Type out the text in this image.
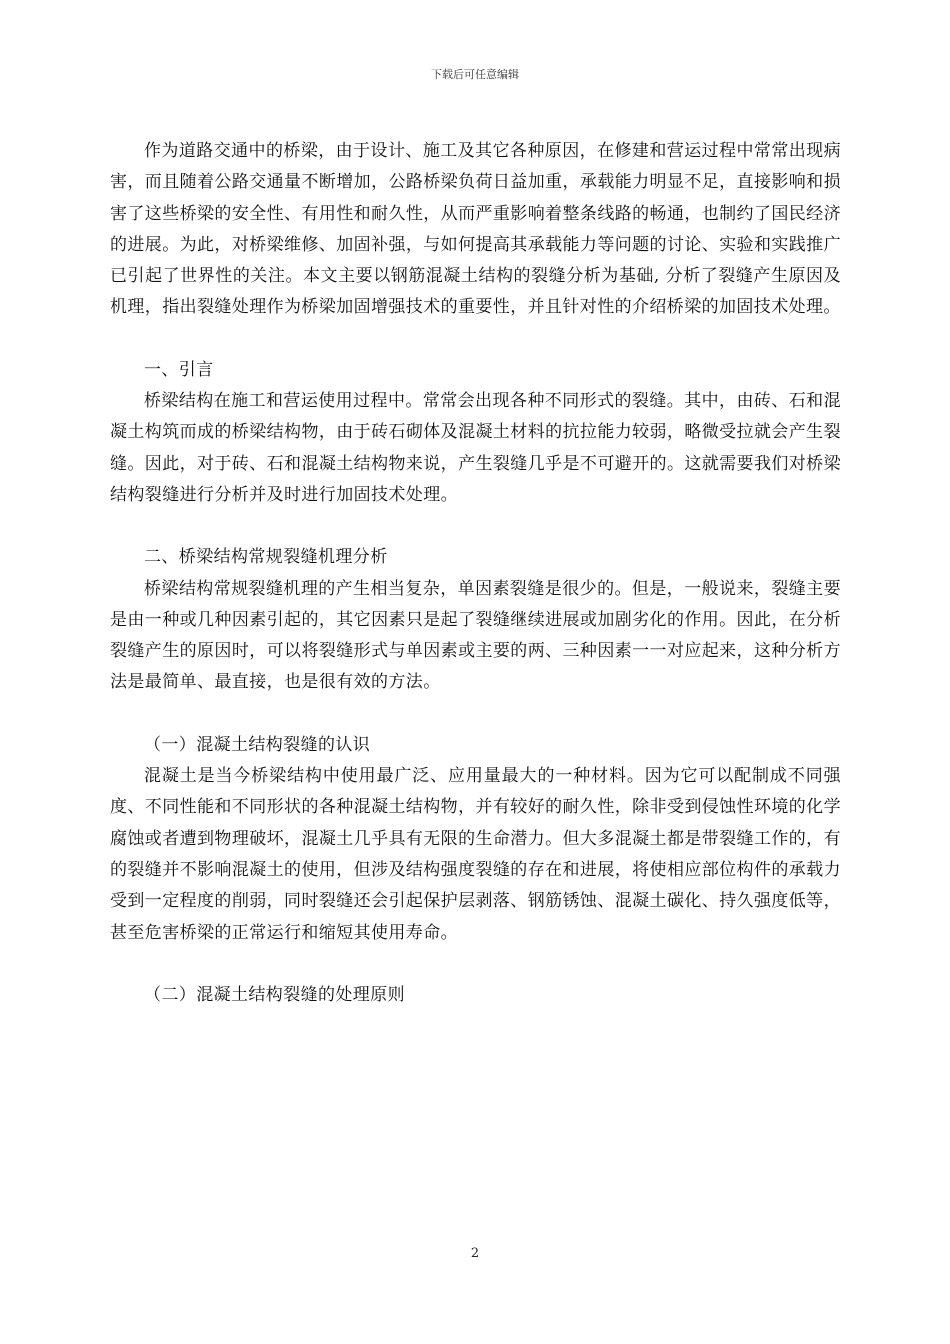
下载后可任意编辑

作为道路交通中的桥梁，由于设计、施工及其它各种原因，在修建和营运过程中常常出现病害，而且随着公路交通量不断增加，公路桥梁负荷日益加重，承载能力明显不足，直接影响和损害了这些桥梁的安全性、有用性和耐久性，从而严重影响着整条线路的畅通，也制约了国民经济的进展。为此，对桥梁维修、加固补强，与如何提高其承载能力等问题的讨论、实验和实践推广已引起了世界性的关注。本文主要以钢筋混凝土结构的裂缝分析为基础, 分析了裂缝产生原因及机理，指出裂缝处理作为桥梁加固增强技术的重要性，并且针对性的介绍桥梁的加固技术处理。

一、引言

桥梁结构在施工和营运使用过程中。常常会出现各种不同形式的裂缝。其中，由砖、石和混凝土构筑而成的桥梁结构物，由于砖石砌体及混凝土材料的抗拉能力较弱，略微受拉就会产生裂缝。因此，对于砖、石和混凝土结构物来说，产生裂缝几乎是不可避开的。这就需要我们对桥梁结构裂缝进行分析并及时进行加固技术处理。

二、桥梁结构常规裂缝机理分析

桥梁结构常规裂缝机理的产生相当复杂，单因素裂缝是很少的。但是，一般说来，裂缝主要是由一种或几种因素引起的，其它因素只是起了裂缝继续进展或加剧劣化的作用。因此，在分析裂缝产生的原因时，可以将裂缝形式与单因素或主要的两、三种因素一一对应起来，这种分析方法是最简单、最直接，也是很有效的方法。

（一）混凝土结构裂缝的认识

混凝土是当今桥梁结构中使用最广泛、应用量最大的一种材料。因为它可以配制成不同强度、不同性能和不同形状的各种混凝土结构物，并有较好的耐久性，除非受到侵蚀性环境的化学腐蚀或者遭到物理破坏，混凝土几乎具有无限的生命潜力。但大多混凝土都是带裂缝工作的，有的裂缝并不影响混凝土的使用，但涉及结构强度裂缝的存在和进展，将使相应部位构件的承载力受到一定程度的削弱，同时裂缝还会引起保护层剥落、钢筋锈蚀、混凝土碳化、持久强度低等，甚至危害桥梁的正常运行和缩短其使用寿命。

（二）混凝土结构裂缝的处理原则

2
